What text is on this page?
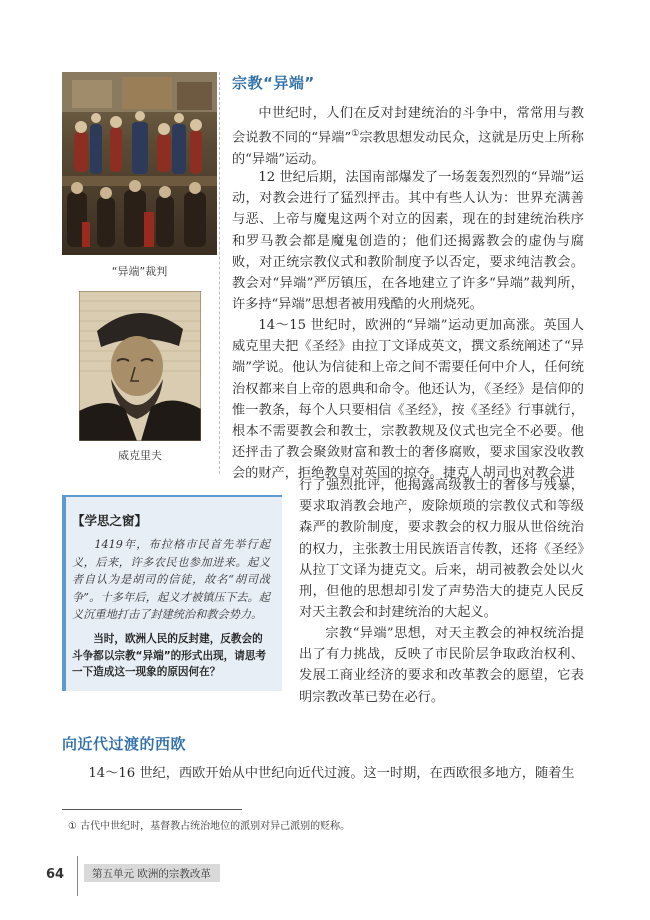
“异端”裁判
威克里夫
宗教“异端”

中世纪时，人们在反对封建统治的斗争中，常常用与教会说教不同的“异端”①宗教思想发动民众，这就是历史上所称的“异端”运动。

12 世纪后期，法国南部爆发了一场轰轰烈烈的“异端”运动，对教会进行了猛烈抨击。其中有些人认为：世界充满善与恶、上帝与魔鬼这两个对立的因素，现在的封建统治秩序和罗马教会都是魔鬼创造的；他们还揭露教会的虚伪与腐败，对正统宗教仪式和教阶制度予以否定，要求纯洁教会。教会对“异端”严厉镇压，在各地建立了许多“异端”裁判所，许多持“异端”思想者被用残酷的火刑烧死。

14～15 世纪时，欧洲的“异端”运动更加高涨。英国人威克里夫把《圣经》由拉丁文译成英文，撰文系统阐述了“异端”学说。他认为信徒和上帝之间不需要任何中介人，任何统治权都来自上帝的恩典和命令。他还认为，《圣经》是信仰的惟一教条，每个人只要相信《圣经》，按《圣经》行事就行，根本不需要教会和教士，宗教教规及仪式也完全不必要。他还抨击了教会聚敛财富和教士的奢侈腐败，要求国家没收教会的财产，拒绝教皇对英国的掠夺。捷克人胡司也对教会进

行了强烈批评，他揭露高级教士的奢侈与残暴，要求取消教会地产，废除烦琐的宗教仪式和等级森严的教阶制度，要求教会的权力服从世俗统治的权力，主张教士用民族语言传教，还将《圣经》从拉丁文译为捷克文。后来，胡司被教会处以火刑，但他的思想却引发了声势浩大的捷克人民反对天主教会和封建统治的大起义。

宗教“异端”思想，对天主教会的神权统治提出了有力挑战，反映了市民阶层争取政治权利、发展工商业经济的要求和改革教会的愿望，它表明宗教改革已势在必行。

【学思之窗】

1419年，布拉格市民首先举行起义，后来，许多农民也参加进来。起义者自认为是胡司的信徒，故名“胡司战争”。十多年后，起义才被镇压下去。起义沉重地打击了封建统治和教会势力。

当时，欧洲人民的反封建，反教会的斗争都以宗教“异端”的形式出现，请思考一下造成这一现象的原因何在？

向近代过渡的西欧

14～16 世纪，西欧开始从中世纪向近代过渡。这一时期，在西欧很多地方，随着生

① 古代中世纪时，基督教占统治地位的派别对异己派别的贬称。

64	第五单元 欧洲的宗教改革
